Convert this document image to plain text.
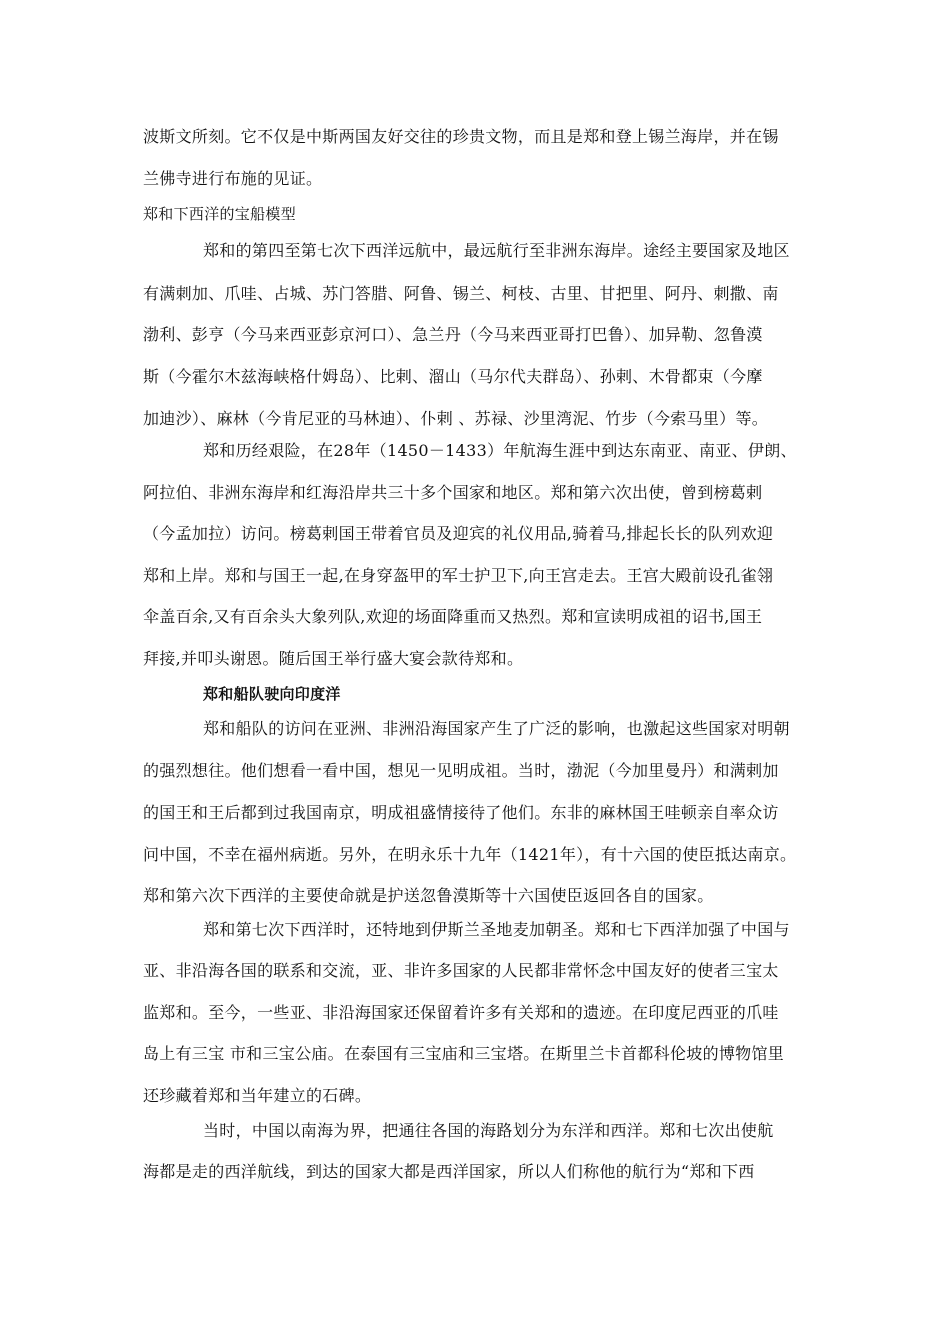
波斯文所刻。它不仅是中斯两国友好交往的珍贵文物，而且是郑和登上锡兰海岸，并在锡
兰佛寺进行布施的见证。
郑和下西洋的宝船模型
郑和的第四至第七次下西洋远航中，最远航行至非洲东海岸。途经主要国家及地区
有满刺加、爪哇、占城、苏门答腊、阿鲁、锡兰、柯枝、古里、甘把里、阿丹、刺撒、南
渤利、彭亨（今马来西亚彭京河口）、急兰丹（今马来西亚哥打巴鲁）、加异勒、忽鲁漠
斯（今霍尔木兹海峡格什姆岛）、比剌、溜山（马尔代夫群岛）、孙剌、木骨都束（今摩
加迪沙）、麻林（今肯尼亚的马林迪）、仆剌 、苏禄、沙里湾泥、竹步（今索马里）等。
郑和历经艰险，在28年（1450－1433）年航海生涯中到达东南亚、南亚、伊朗、
阿拉伯、非洲东海岸和红海沿岸共三十多个国家和地区。郑和第六次出使，曾到榜葛剌
（今孟加拉）访问。榜葛剌国王带着官员及迎宾的礼仪用品,骑着马,排起长长的队列欢迎
郑和上岸。郑和与国王一起,在身穿盔甲的军士护卫下,向王宫走去。王宫大殿前设孔雀翎
伞盖百余,又有百余头大象列队,欢迎的场面降重而又热烈。郑和宣读明成祖的诏书,国王
拜接,并叩头谢恩。随后国王举行盛大宴会款待郑和。
郑和船队驶向印度洋
郑和船队的访问在亚洲、非洲沿海国家产生了广泛的影响，也激起这些国家对明朝
的强烈想往。他们想看一看中国，想见一见明成祖。当时，渤泥（今加里曼丹）和满剌加
的国王和王后都到过我国南京，明成祖盛情接待了他们。东非的麻林国王哇顿亲自率众访
问中国，不幸在福州病逝。另外，在明永乐十九年（1421年），有十六国的使臣抵达南京。
郑和第六次下西洋的主要使命就是护送忽鲁漠斯等十六国使臣返回各自的国家。
郑和第七次下西洋时，还特地到伊斯兰圣地麦加朝圣。郑和七下西洋加强了中国与
亚、非沿海各国的联系和交流，亚、非许多国家的人民都非常怀念中国友好的使者三宝太
监郑和。至今，一些亚、非沿海国家还保留着许多有关郑和的遗迹。在印度尼西亚的爪哇
岛上有三宝 市和三宝公庙。在泰国有三宝庙和三宝塔。在斯里兰卡首都科伦坡的博物馆里
还珍藏着郑和当年建立的石碑。
当时，中国以南海为界，把通往各国的海路划分为东洋和西洋。郑和七次出使航
海都是走的西洋航线，到达的国家大都是西洋国家，所以人们称他的航行为“郑和下西
